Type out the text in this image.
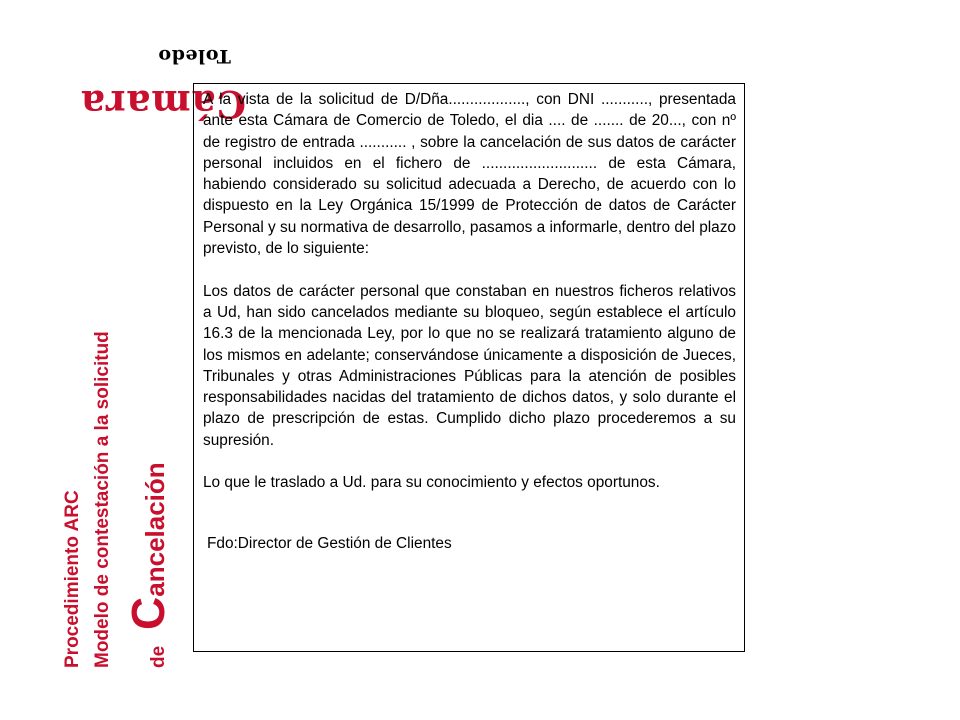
Toledo
Cámara
Procedimiento ARC Modelo de contestación a la solicitud	de   Cancelación

A la vista de la solicitud de D/Dña.................., con DNI ..........., presentada ante esta Cámara de Comercio de Toledo, el dia .... de ....... de 20..., con nº de registro de entrada ........... , sobre la cancelación de sus datos de carácter personal incluidos en el fichero de ........................... de esta Cámara, habiendo considerado su solicitud adecuada a Derecho, de acuerdo con lo dispuesto en la Ley Orgánica 15/1999 de Protección de datos de Carácter Personal y su normativa de desarrollo, pasamos a informarle, dentro del plazo previsto, de lo siguiente:

Los datos de carácter personal que constaban en nuestros ficheros relativos a Ud, han sido cancelados mediante su bloqueo, según establece el artículo 16.3 de la mencionada Ley, por lo que no se realizará tratamiento alguno de los mismos en adelante; conservándose únicamente a disposición de Jueces, Tribunales y otras Administraciones Públicas para la atención de posibles responsabilidades nacidas del tratamiento de dichos datos, y solo durante el plazo de prescripción de estas. Cumplido dicho plazo procederemos a su supresión.

Lo que le traslado a Ud. para su conocimiento y efectos oportunos.

Fdo:Director de Gestión de Clientes
